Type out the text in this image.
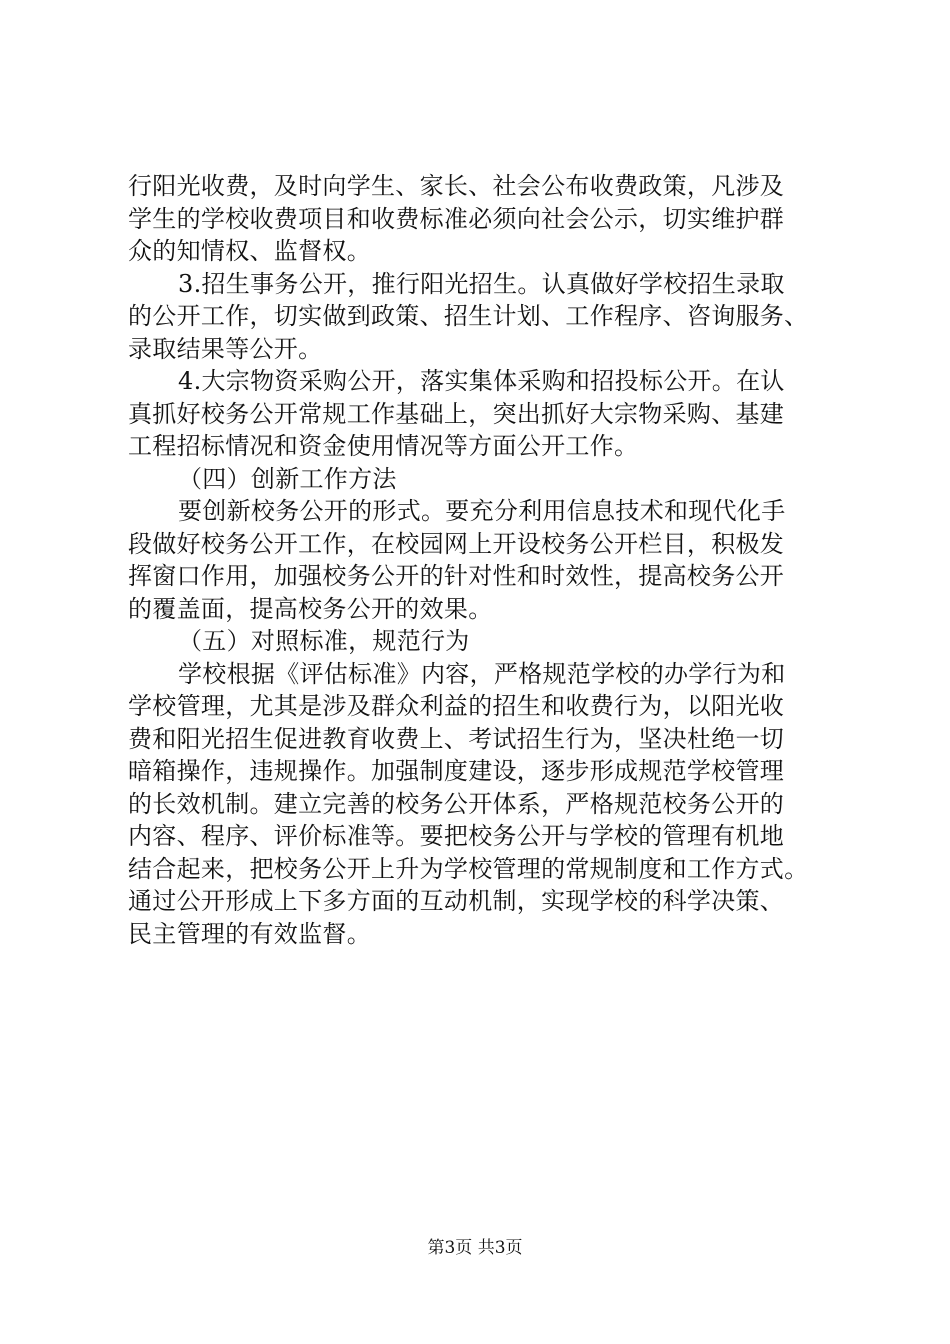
行阳光收费，及时向学生、家长、社会公布收费政策，凡涉及
学生的学校收费项目和收费标准必须向社会公示，切实维护群
众的知情权、监督权。
3.招生事务公开，推行阳光招生。认真做好学校招生录取
的公开工作，切实做到政策、招生计划、工作程序、咨询服务、
录取结果等公开。
4.大宗物资采购公开，落实集体采购和招投标公开。在认
真抓好校务公开常规工作基础上，突出抓好大宗物采购、基建
工程招标情况和资金使用情况等方面公开工作。
（四）创新工作方法
要创新校务公开的形式。要充分利用信息技术和现代化手
段做好校务公开工作，在校园网上开设校务公开栏目，积极发
挥窗口作用，加强校务公开的针对性和时效性，提高校务公开
的覆盖面，提高校务公开的效果。
（五）对照标准，规范行为
学校根据《评估标准》内容，严格规范学校的办学行为和
学校管理，尤其是涉及群众利益的招生和收费行为，以阳光收
费和阳光招生促进教育收费上、考试招生行为，坚决杜绝一切
暗箱操作，违规操作。加强制度建设，逐步形成规范学校管理
的长效机制。建立完善的校务公开体系，严格规范校务公开的
内容、程序、评价标准等。要把校务公开与学校的管理有机地
结合起来，把校务公开上升为学校管理的常规制度和工作方式。
通过公开形成上下多方面的互动机制，实现学校的科学决策、
民主管理的有效监督。
第3页 共3页
